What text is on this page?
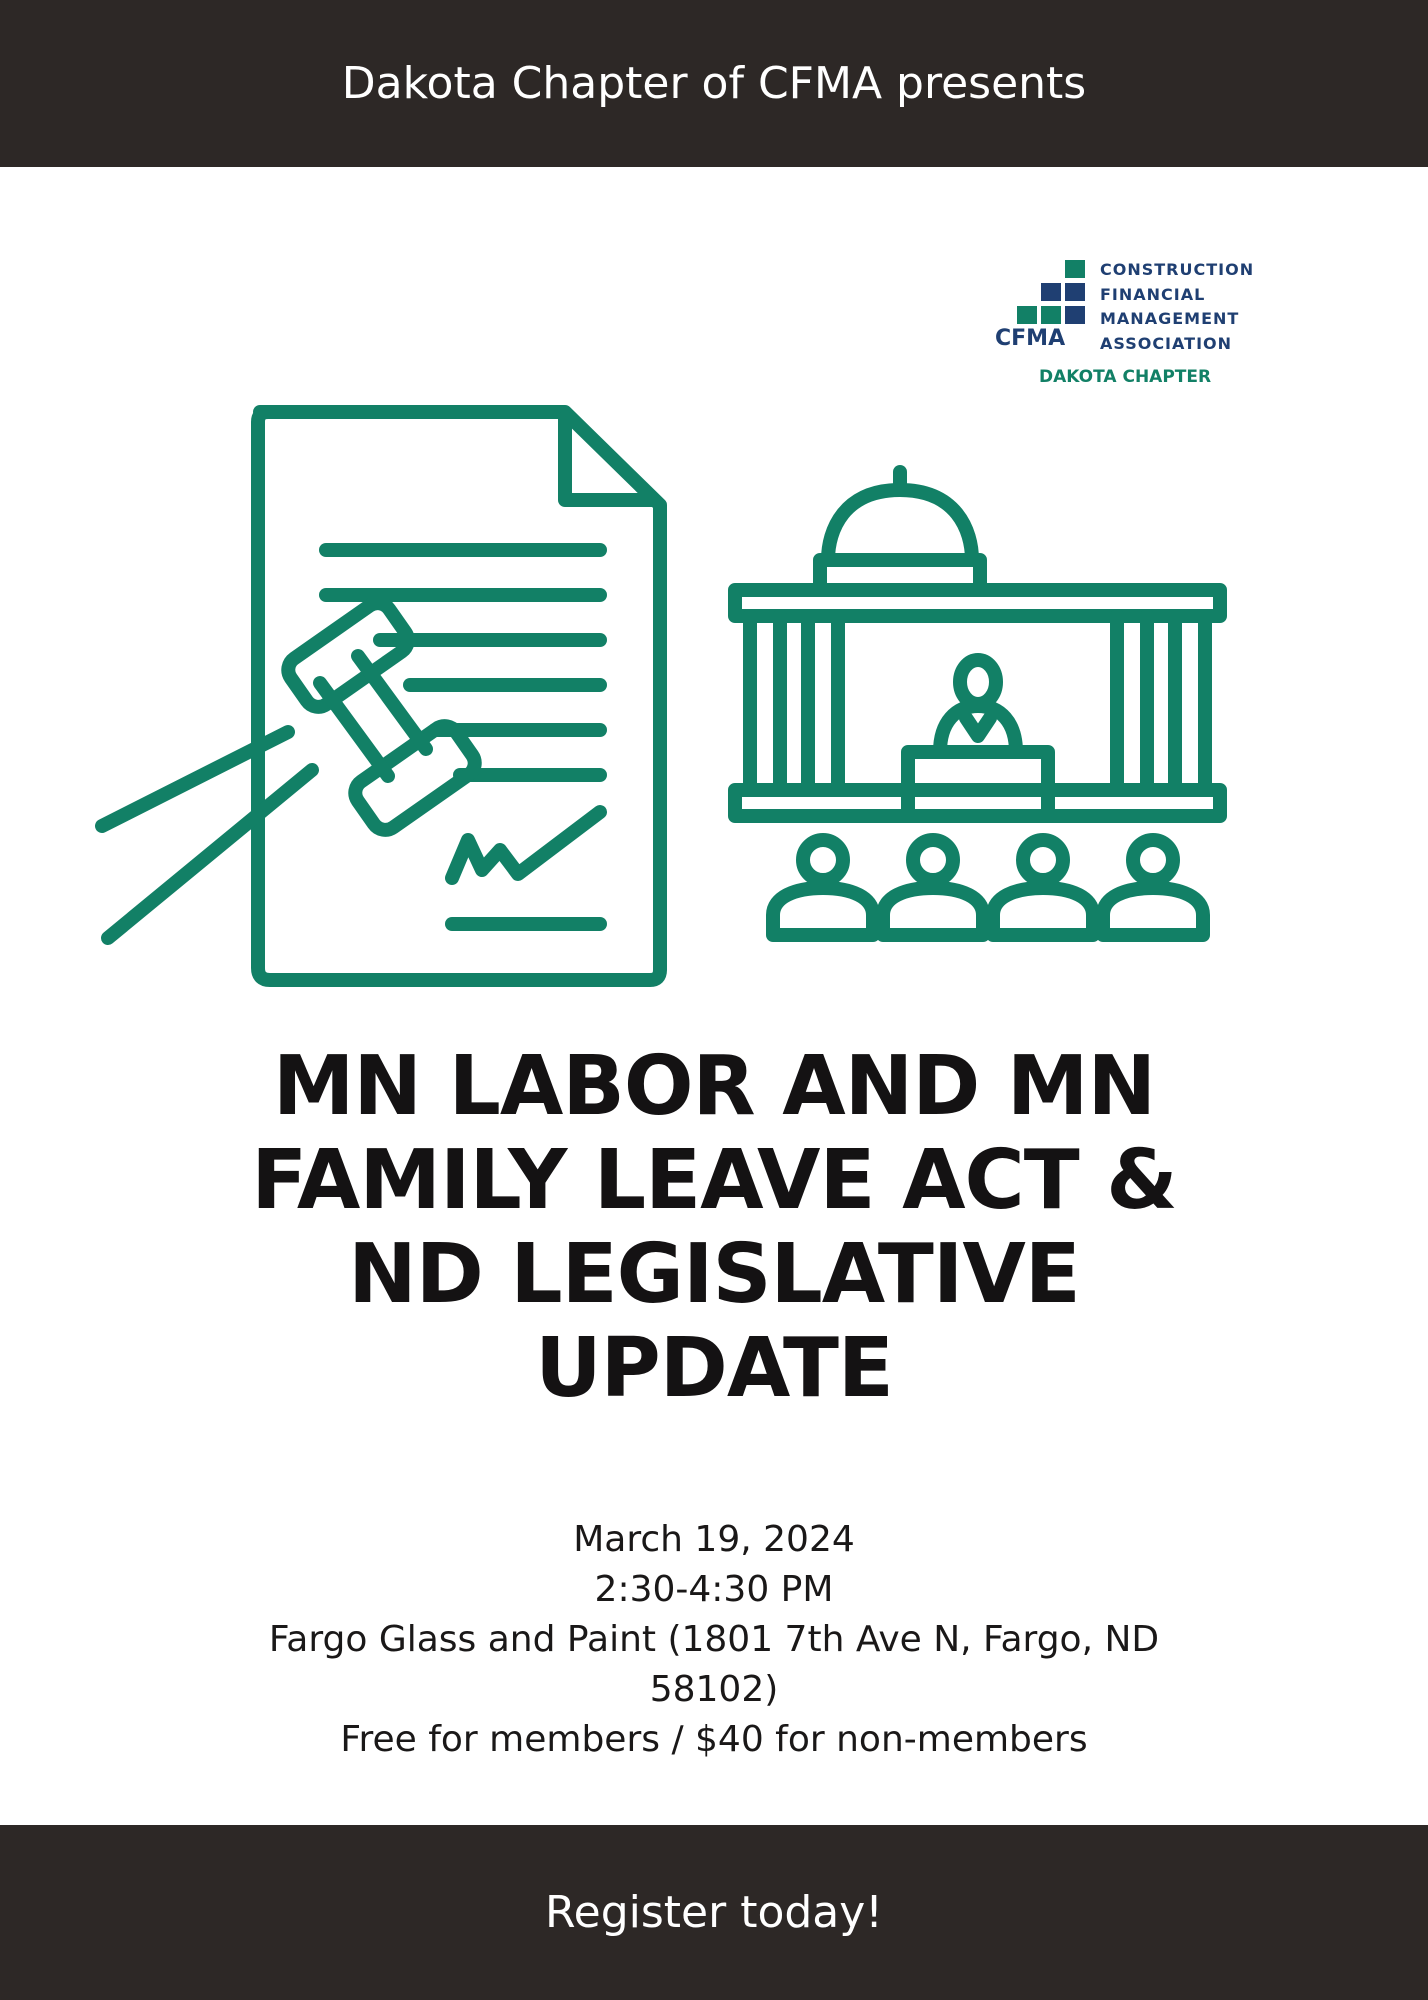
Dakota Chapter of CFMA presents
CONSTRUCTION
FINANCIAL
MANAGEMENT
ASSOCIATION
CFMA
DAKOTA CHAPTER
MN LABOR AND MN
FAMILY LEAVE ACT &
ND LEGISLATIVE
UPDATE
March 19, 2024
2:30-4:30 PM
Fargo Glass and Paint (1801 7th Ave N, Fargo, ND
58102)
Free for members / $40 for non-members
Register today!
